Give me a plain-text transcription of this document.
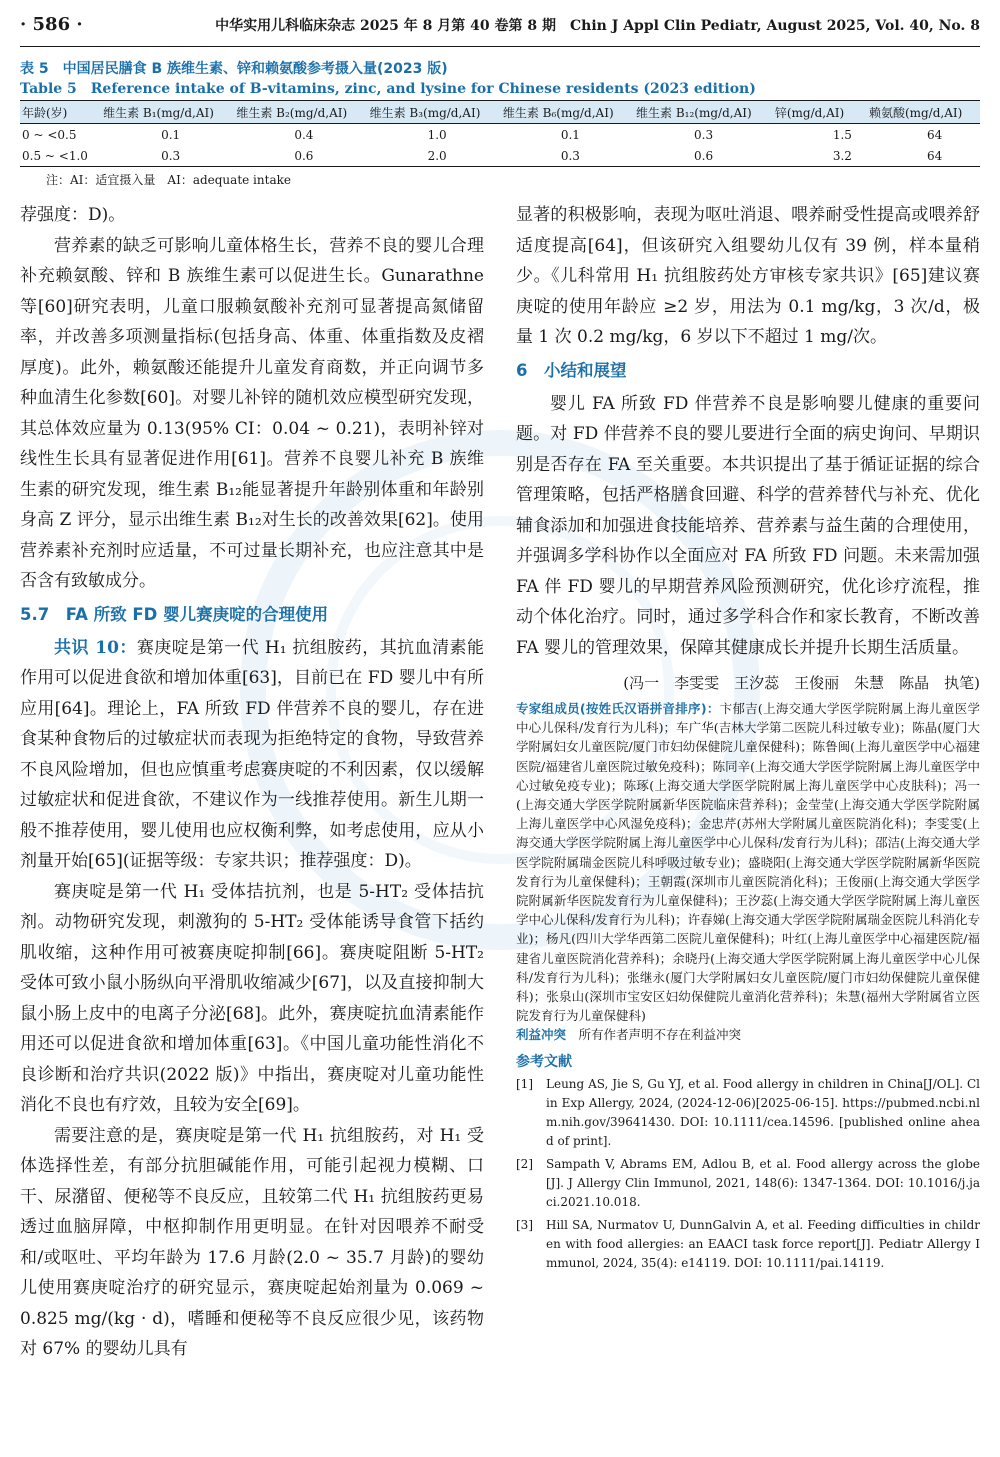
· 586 ·	中华实用儿科临床杂志 2025 年 8 月第 40 卷第 8 期　Chin J Appl Clin Pediatr, August 2025, Vol. 40, No. 8
表 5　中国居民膳食 B 族维生素、锌和赖氨酸参考摄入量(2023 版)
Table 5　Reference intake of B-vitamins, zinc, and lysine for Chinese residents (2023 edition)
年龄(岁)	维生素 B₁(mg/d,AI)	维生素 B₂(mg/d,AI)	维生素 B₃(mg/d,AI)	维生素 B₆(mg/d,AI)	维生素 B₁₂(mg/d,AI)	锌(mg/d,AI)	赖氨酸(mg/d,AI)
0 ~ <0.5	0.1	0.4	1.0	0.1	0.3	1.5	64
0.5 ~ <1.0	0.3	0.6	2.0	0.3	0.6	3.2	64
注：AI：适宜摄入量　AI：adequate intake

荐强度：D)。

营养素的缺乏可影响儿童体格生长，营养不良的婴儿合理补充赖氨酸、锌和 B 族维生素可以促进生长。Gunarathne 等[60]研究表明，儿童口服赖氨酸补充剂可显著提高氮储留率，并改善多项测量指标(包括身高、体重、体重指数及皮褶厚度)。此外，赖氨酸还能提升儿童发育商数，并正向调节多种血清生化参数[60]。对婴儿补锌的随机效应模型研究发现，其总体效应量为 0.13(95% CI：0.04 ~ 0.21)，表明补锌对线性生长具有显著促进作用[61]。营养不良婴儿补充 B 族维生素的研究发现，维生素 B₁₂能显著提升年龄别体重和年龄别身高 Z 评分，显示出维生素 B₁₂对生长的改善效果[62]。使用营养素补充剂时应适量，不可过量长期补充，也应注意其中是否含有致敏成分。

5.7　FA 所致 FD 婴儿赛庚啶的合理使用

共识 10：赛庚啶是第一代 H₁ 抗组胺药，其抗血清素能作用可以促进食欲和增加体重[63]，目前已在 FD 婴儿中有所应用[64]。理论上，FA 所致 FD 伴营养不良的婴儿，存在进食某种食物后的过敏症状而表现为拒绝特定的食物，导致营养不良风险增加，但也应慎重考虑赛庚啶的不利因素，仅以缓解过敏症状和促进食欲，不建议作为一线推荐使用。新生儿期一般不推荐使用，婴儿使用也应权衡利弊，如考虑使用，应从小剂量开始[65](证据等级：专家共识；推荐强度：D)。

赛庚啶是第一代 H₁ 受体拮抗剂，也是 5-HT₂ 受体拮抗剂。动物研究发现，刺激狗的 5-HT₂ 受体能诱导食管下括约肌收缩，这种作用可被赛庚啶抑制[66]。赛庚啶阻断 5-HT₂ 受体可致小鼠小肠纵向平滑肌收缩减少[67]，以及直接抑制大鼠小肠上皮中的电离子分泌[68]。此外，赛庚啶抗血清素能作用还可以促进食欲和增加体重[63]。《中国儿童功能性消化不良诊断和治疗共识(2022 版)》中指出，赛庚啶对儿童功能性消化不良也有疗效，且较为安全[69]。

需要注意的是，赛庚啶是第一代 H₁ 抗组胺药，对 H₁ 受体选择性差，有部分抗胆碱能作用，可能引起视力模糊、口干、尿潴留、便秘等不良反应，且较第二代 H₁ 抗组胺药更易透过血脑屏障，中枢抑制作用更明显。在针对因喂养不耐受和/或呕吐、平均年龄为 17.6 月龄(2.0 ~ 35.7 月龄)的婴幼儿使用赛庚啶治疗的研究显示，赛庚啶起始剂量为 0.069 ~ 0.825 mg/(kg · d)，嗜睡和便秘等不良反应很少见，该药物对 67% 的婴幼儿具有

显著的积极影响，表现为呕吐消退、喂养耐受性提高或喂养舒适度提高[64]，但该研究入组婴幼儿仅有 39 例，样本量稍少。《儿科常用 H₁ 抗组胺药处方审核专家共识》[65]建议赛庚啶的使用年龄应 ≥2 岁，用法为 0.1 mg/kg，3 次/d，极量 1 次 0.2 mg/kg，6 岁以下不超过 1 mg/次。

6　小结和展望

婴儿 FA 所致 FD 伴营养不良是影响婴儿健康的重要问题。对 FD 伴营养不良的婴儿要进行全面的病史询问、早期识别是否存在 FA 至关重要。本共识提出了基于循证证据的综合管理策略，包括严格膳食回避、科学的营养替代与补充、优化辅食添加和加强进食技能培养、营养素与益生菌的合理使用，并强调多学科协作以全面应对 FA 所致 FD 问题。未来需加强 FA 伴 FD 婴儿的早期营养风险预测研究，优化诊疗流程，推动个体化治疗。同时，通过多学科合作和家长教育，不断改善 FA 婴儿的管理效果，保障其健康成长并提升长期生活质量。

(冯一　李雯雯　王汐蕊　王俊丽　朱慧　陈晶　执笔)
专家组成员(按姓氏汉语拼音排序)：卞郁吉(上海交通大学医学院附属上海儿童医学中心儿保科/发育行为儿科)；车广华(吉林大学第二医院儿科过敏专业)；陈晶(厦门大学附属妇女儿童医院/厦门市妇幼保健院儿童保健科)；陈鲁闽(上海儿童医学中心福建医院/福建省儿童医院过敏免疫科)；陈同辛(上海交通大学医学院附属上海儿童医学中心过敏免疫专业)；陈琢(上海交通大学医学院附属上海儿童医学中心皮肤科)；冯一(上海交通大学医学院附属新华医院临床营养科)；金莹莹(上海交通大学医学院附属上海儿童医学中心风湿免疫科)；金忠芹(苏州大学附属儿童医院消化科)；李雯雯(上海交通大学医学院附属上海儿童医学中心儿保科/发育行为儿科)；邵洁(上海交通大学医学院附属瑞金医院儿科呼吸过敏专业)；盛晓阳(上海交通大学医学院附属新华医院发育行为儿童保健科)；王朝霞(深圳市儿童医院消化科)；王俊丽(上海交通大学医学院附属新华医院发育行为儿童保健科)；王汐蕊(上海交通大学医学院附属上海儿童医学中心儿保科/发育行为儿科)；许春娣(上海交通大学医学院附属瑞金医院儿科消化专业)；杨凡(四川大学华西第二医院儿童保健科)；叶红(上海儿童医学中心福建医院/福建省儿童医院消化营养科)；余晓丹(上海交通大学医学院附属上海儿童医学中心儿保科/发育行为儿科)；张继永(厦门大学附属妇女儿童医院/厦门市妇幼保健院儿童保健科)；张泉山(深圳市宝安区妇幼保健院儿童消化营养科)；朱慧(福州大学附属省立医院发育行为儿童保健科)
利益冲突　 所有作者声明不存在利益冲突
参考文献
[1]	Leung AS, Jie S, Gu YJ, et al. Food allergy in children in China[J/OL]. Clin Exp Allergy, 2024, (2024-12-06)[2025-06-15]. https://pubmed.ncbi.nlm.nih.gov/39641430. DOI: 10.1111/cea.14596. [published online ahead of print].
[2]	Sampath V, Abrams EM, Adlou B, et al. Food allergy across the globe[J]. J Allergy Clin Immunol, 2021, 148(6): 1347-1364. DOI: 10.1016/j.jaci.2021.10.018.
[3]	Hill SA, Nurmatov U, DunnGalvin A, et al. Feeding difficulties in children with food allergies: an EAACI task force report[J]. Pediatr Allergy Immunol, 2024, 35(4): e14119. DOI: 10.1111/pai.14119.
